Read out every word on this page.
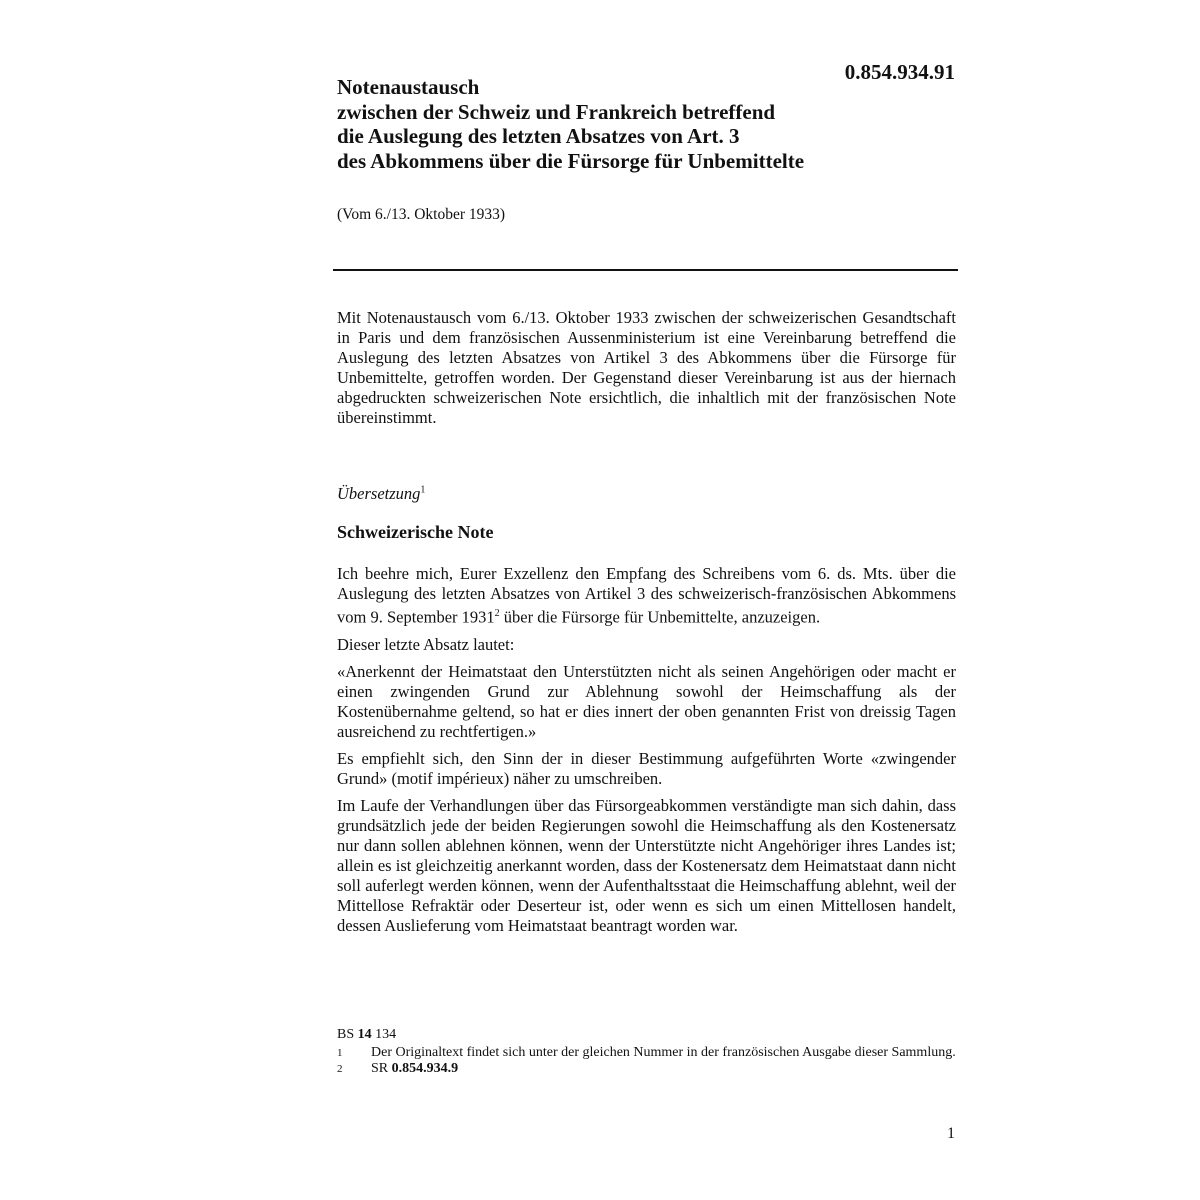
0.854.934.91
Notenaustausch
zwischen der Schweiz und Frankreich betreffend
die Auslegung des letzten Absatzes von Art. 3
des Abkommens über die Fürsorge für Unbemittelte
(Vom 6./13. Oktober 1933)

Mit Notenaustausch vom 6./13. Oktober 1933 zwischen der schweizerischen Gesandtschaft in Paris und dem französischen Aussenministerium ist eine Vereinbarung betreffend die Auslegung des letzten Absatzes von Artikel 3 des Abkommens über die Fürsorge für Unbemittelte, getroffen worden. Der Gegenstand dieser Vereinbarung ist aus der hiernach abgedruckten schweizerischen Note ersichtlich, die inhaltlich mit der französischen Note übereinstimmt.

Übersetzung$^1$
Schweizerische Note

Ich beehre mich, Eurer Exzellenz den Empfang des Schreibens vom 6. ds. Mts. über die Auslegung des letzten Absatzes von Artikel 3 des schweizerisch-französischen Abkommens vom 9. September 1931$^2$ über die Fürsorge für Unbemittelte, anzuzeigen.

Dieser letzte Absatz lautet:

«Anerkennt der Heimatstaat den Unterstützten nicht als seinen Angehörigen oder macht er einen zwingenden Grund zur Ablehnung sowohl der Heimschaffung als der Kostenübernahme geltend, so hat er dies innert der oben genannten Frist von dreissig Tagen ausreichend zu rechtfertigen.»

Es empfiehlt sich, den Sinn der in dieser Bestimmung aufgeführten Worte «zwingender Grund» (motif impérieux) näher zu umschreiben.

Im Laufe der Verhandlungen über das Fürsorgeabkommen verständigte man sich dahin, dass grundsätzlich jede der beiden Regierungen sowohl die Heimschaffung als den Kostenersatz nur dann sollen ablehnen können, wenn der Unterstützte nicht Angehöriger ihres Landes ist; allein es ist gleichzeitig anerkannt worden, dass der Kostenersatz dem Heimatstaat dann nicht soll auferlegt werden können, wenn der Aufenthaltsstaat die Heimschaffung ablehnt, weil der Mittellose Refraktär oder Deserteur ist, oder wenn es sich um einen Mittellosen handelt, dessen Auslieferung vom Heimatstaat beantragt worden war.

BS 14 134
1	Der Originaltext findet sich unter der gleichen Nummer in der französischen Ausgabe dieser Sammlung.
2	SR 0.854.934.9
1
